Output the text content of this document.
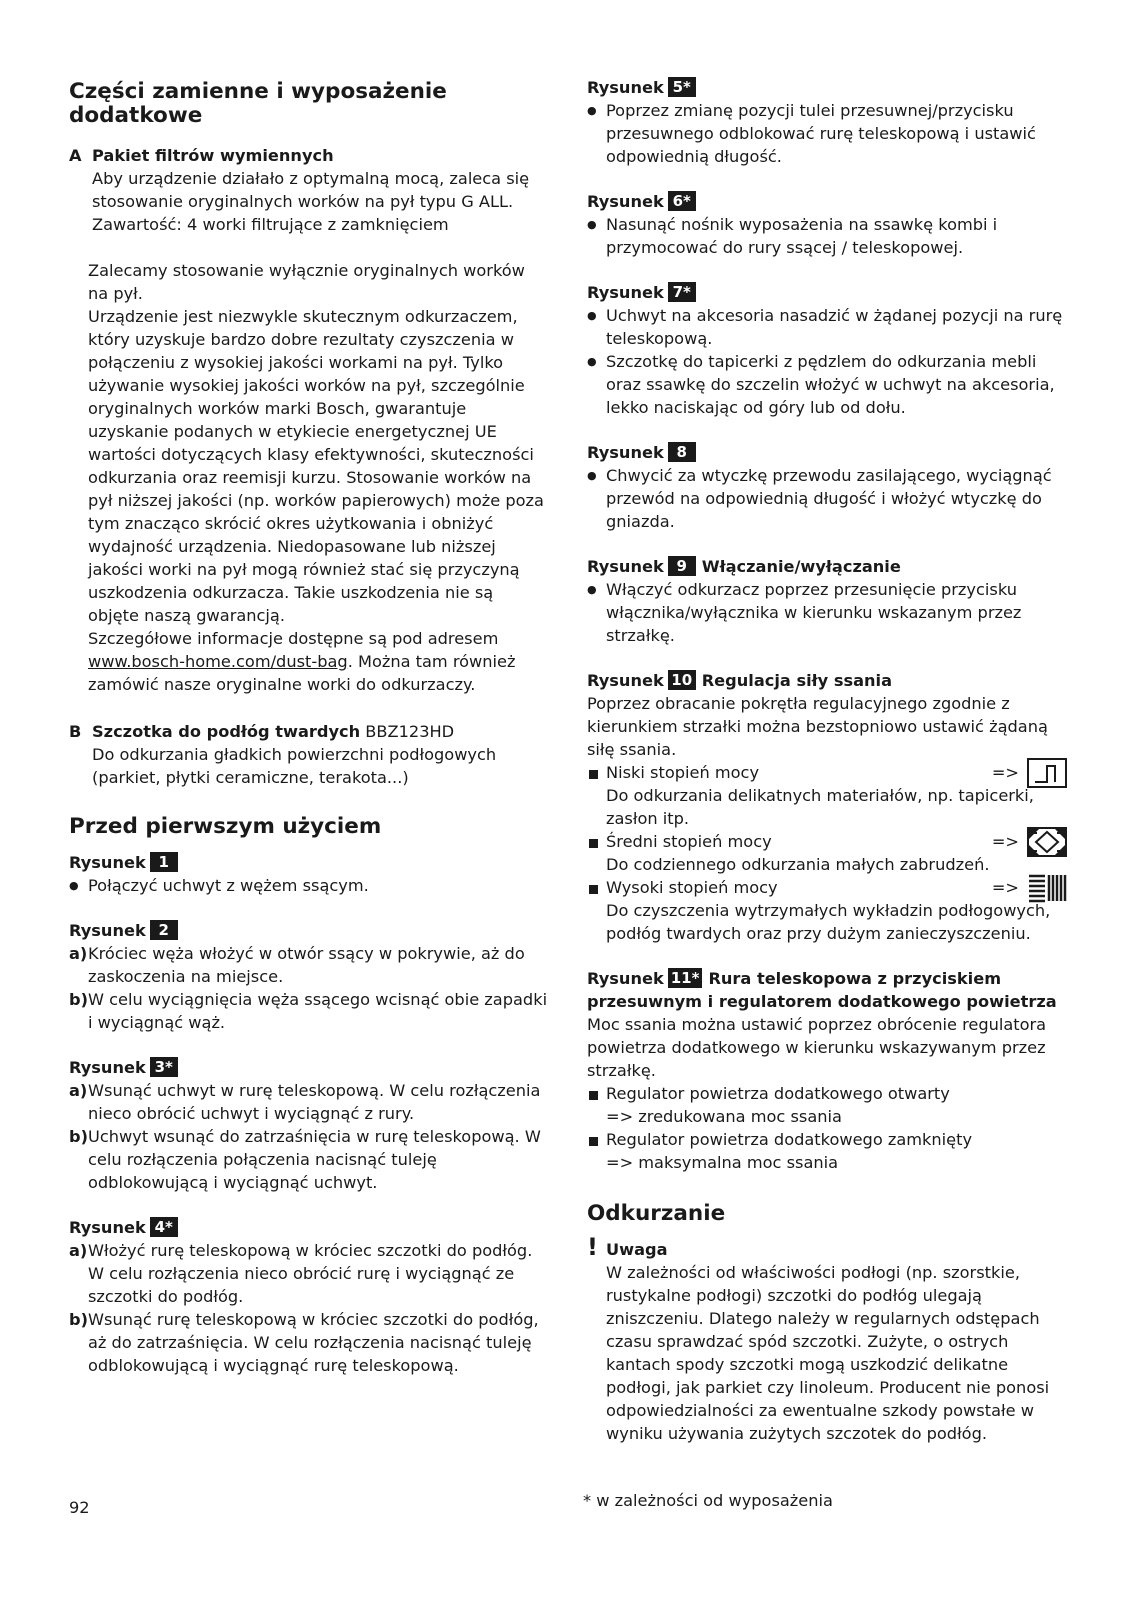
Części zamienne i wyposażenie dodatkowe

A Pakiet filtrów wymiennych

Aby urządzenie działało z optymalną mocą, zaleca się stosowanie oryginalnych worków na pył typu G ALL. Zawartość: 4 worki filtrujące z zamknięciem

Zalecamy stosowanie wyłącznie oryginalnych worków na pył.

Urządzenie jest niezwykle skutecznym odkurzaczem, który uzyskuje bardzo dobre rezultaty czyszczenia w połączeniu z wysokiej jakości workami na pył. Tylko używanie wysokiej jakości worków na pył, szczególnie oryginalnych worków marki Bosch, gwarantuje uzyskanie podanych w etykiecie energetycznej UE wartości dotyczących klasy efektywności, skuteczności odkurzania oraz reemisji kurzu. Stosowanie worków na pył niższej jakości (np. worków papierowych) może poza tym znacząco skrócić okres użytkowania i obniżyć wydajność urządzenia. Niedopasowane lub niższej jakości worki na pył mogą również stać się przyczyną uszkodzenia odkurzacza. Takie uszkodzenia nie są objęte naszą gwarancją.

Szczegółowe informacje dostępne są pod adresem www.bosch-home.com/dust-bag. Można tam również zamówić nasze oryginalne worki do odkurzaczy.

B Szczotka do podłóg twardych BBZ123HD

Do odkurzania gładkich powierzchni podłogowych (parkiet, płytki ceramiczne, terakota...)

Przed pierwszym użyciem

Rysunek 1

● Połączyć uchwyt z wężem ssącym.

Rysunek 2

a) Króciec węża włożyć w otwór ssący w pokrywie, aż do zaskoczenia na miejsce.

b) W celu wyciągnięcia węża ssącego wcisnąć obie zapadki i wyciągnąć wąż.

Rysunek 3*

a) Wsunąć uchwyt w rurę teleskopową. W celu rozłączenia nieco obrócić uchwyt i wyciągnąć z rury.

b) Uchwyt wsunąć do zatrzaśnięcia w rurę teleskopową. W celu rozłączenia połączenia nacisnąć tuleję odblokowującą i wyciągnąć uchwyt.

Rysunek 4*

a) Włożyć rurę teleskopową w króciec szczotki do podłóg. W celu rozłączenia nieco obrócić rurę i wyciągnąć ze szczotki do podłóg.

b) Wsunąć rurę teleskopową w króciec szczotki do podłóg, aż do zatrzaśnięcia. W celu rozłączenia nacisnąć tuleję odblokowującą i wyciągnąć rurę teleskopową.

Rysunek 5*

● Poprzez zmianę pozycji tulei przesuwnej/przycisku przesuwnego odblokować rurę teleskopową i ustawić odpowiednią długość.

Rysunek 6*

● Nasunąć nośnik wyposażenia na ssawkę kombi i przymocować do rury ssącej / teleskopowej.

Rysunek 7*

● Uchwyt na akcesoria nasadzić w żądanej pozycji na rurę teleskopową.

● Szczotkę do tapicerki z pędzlem do odkurzania mebli oraz ssawkę do szczelin włożyć w uchwyt na akcesoria, lekko naciskając od góry lub od dołu.

Rysunek 8

● Chwycić za wtyczkę przewodu zasilającego, wyciągnąć przewód na odpowiednią długość i włożyć wtyczkę do gniazda.

Rysunek 9 Włączanie/wyłączanie

● Włączyć odkurzacz poprzez przesunięcie przycisku włącznika/wyłącznika w kierunku wskazanym przez strzałkę.

Rysunek 10 Regulacja siły ssania

Poprzez obracanie pokrętła regulacyjnego zgodnie z kierunkiem strzałki można bezstopniowo ustawić żądaną siłę ssania.

Niski stopień mocy	=>

Do odkurzania delikatnych materiałów, np. tapicerki, zasłon itp.

Średni stopień mocy	=>

Do codziennego odkurzania małych zabrudzeń.

Wysoki stopień mocy	=>

Do czyszczenia wytrzymałych wykładzin podłogowych, podłóg twardych oraz przy dużym zanieczyszczeniu.

Rysunek 11* Rura teleskopowa z przyciskiem przesuwnym i regulatorem dodatkowego powietrza

Moc ssania można ustawić poprzez obrócenie regulatora powietrza dodatkowego w kierunku wskazywanym przez strzałkę.

Regulator powietrza dodatkowego otwarty

=> zredukowana moc ssania

Regulator powietrza dodatkowego zamknięty

=> maksymalna moc ssania

Odkurzanie
! Uwaga

W zależności od właściwości podłogi (np. szorstkie, rustykalne podłogi) szczotki do podłóg ulegają zniszczeniu. Dlatego należy w regularnych odstępach czasu sprawdzać spód szczotki. Zużyte, o ostrych kantach spody szczotki mogą uszkodzić delikatne podłogi, jak parkiet czy linoleum. Producent nie ponosi odpowiedzialności za ewentualne szkody powstałe w wyniku używania zużytych szczotek do podłóg.

* w zależności od wyposażenia

92
